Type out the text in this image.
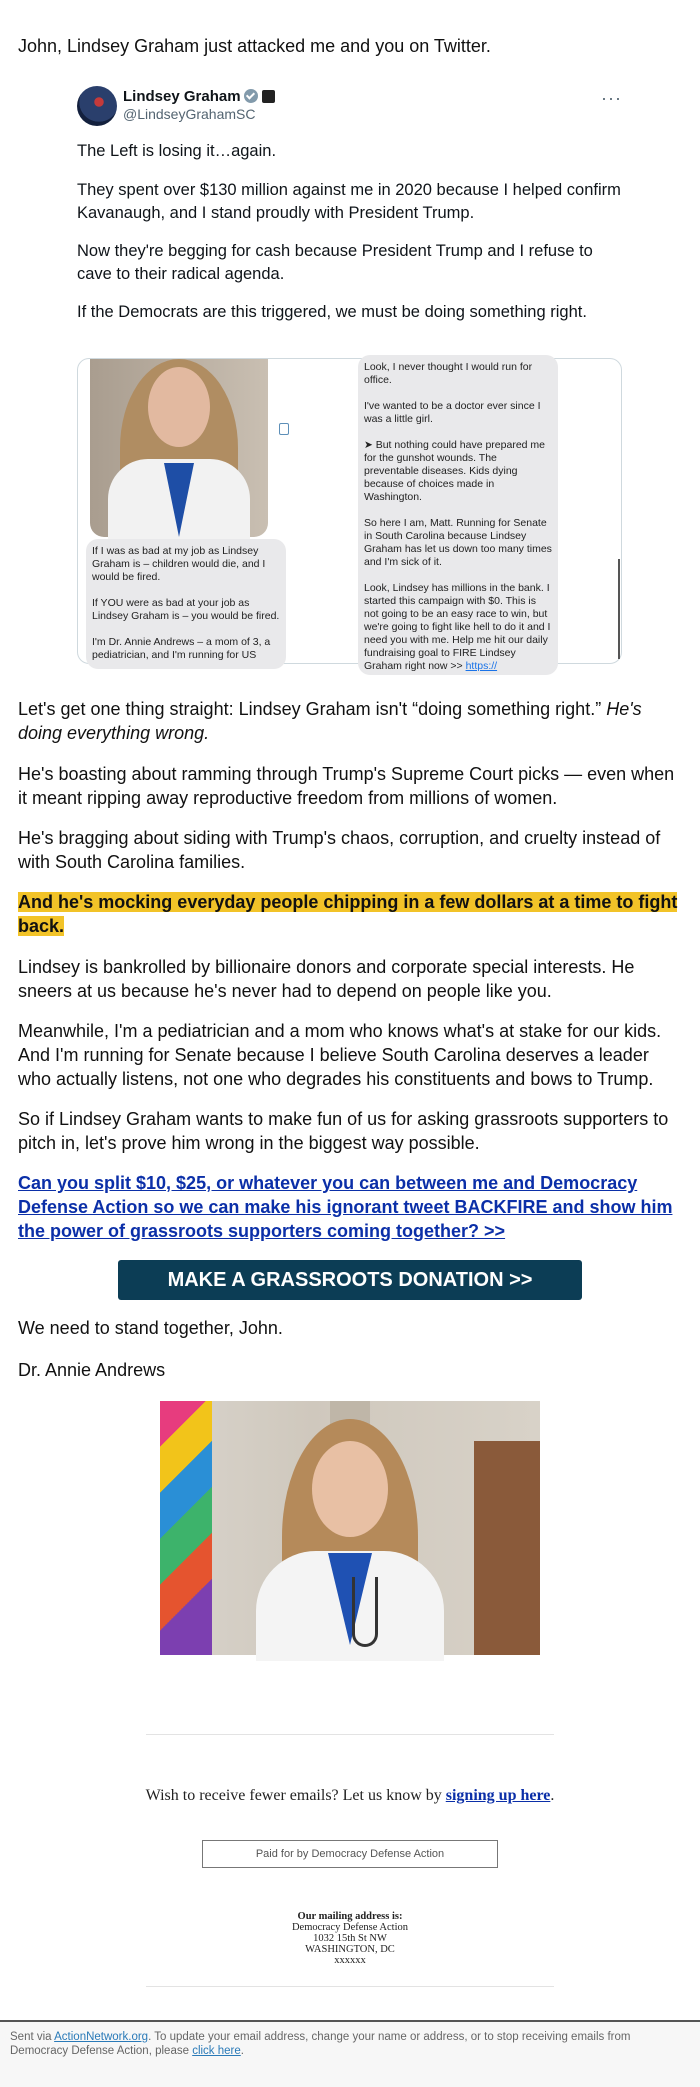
John, Lindsey Graham just attacked me and you on Twitter.

Lindsey Graham
@LindseyGrahamSC
···

The Left is losing it…again.

They spent over $130 million against me in 2020 because I helped confirm Kavanaugh, and I stand proudly with President Trump.

Now they're begging for cash because President Trump and I refuse to cave to their radical agenda.

If the Democrats are this triggered, we must be doing something right.

If I was as bad at my job as Lindsey Graham is – children would die, and I would be fired.

If YOU were as bad at your job as Lindsey Graham is – you would be fired.

I'm Dr. Annie Andrews – a mom of 3, a pediatrician, and I'm running for US
Look, I never thought I would run for office.

I've wanted to be a doctor ever since I was a little girl.

➤ But nothing could have prepared me for the gunshot wounds. The preventable diseases. Kids dying because of choices made in Washington.

So here I am, Matt. Running for Senate in South Carolina because Lindsey Graham has let us down too many times and I'm sick of it.

Look, Lindsey has millions in the bank. I started this campaign with $0. This is not going to be an easy race to win, but we're going to fight like hell to do it and I need you with me. Help me hit our daily fundraising goal to FIRE Lindsey Graham right now >> https://

Let's get one thing straight: Lindsey Graham isn't “doing something right.” He's doing everything wrong.

He's boasting about ramming through Trump's Supreme Court picks — even when it meant ripping away reproductive freedom from millions of women.

He's bragging about siding with Trump's chaos, corruption, and cruelty instead of with South Carolina families.

And he's mocking everyday people chipping in a few dollars at a time to fight back.

Lindsey is bankrolled by billionaire donors and corporate special interests. He sneers at us because he's never had to depend on people like you.

Meanwhile, I'm a pediatrician and a mom who knows what's at stake for our kids. And I'm running for Senate because I believe South Carolina deserves a leader who actually listens, not one who degrades his constituents and bows to Trump.

So if Lindsey Graham wants to make fun of us for asking grassroots supporters to pitch in, let's prove him wrong in the biggest way possible.

Can you split $10, $25, or whatever you can between me and Democracy Defense Action so we can make his ignorant tweet BACKFIRE and show him the power of grassroots supporters coming together? >>

MAKE A GRASSROOTS DONATION >>

We need to stand together, John.

Dr. Annie Andrews

Wish to receive fewer emails? Let us know by signing up here.
Paid for by Democracy Defense Action
Our mailing address is:
Democracy Defense Action
1032 15th St NW
WASHINGTON, DC
xxxxxx
Sent via ActionNetwork.org. To update your email address, change your name or address, or to stop receiving emails from Democracy Defense Action, please click here.
